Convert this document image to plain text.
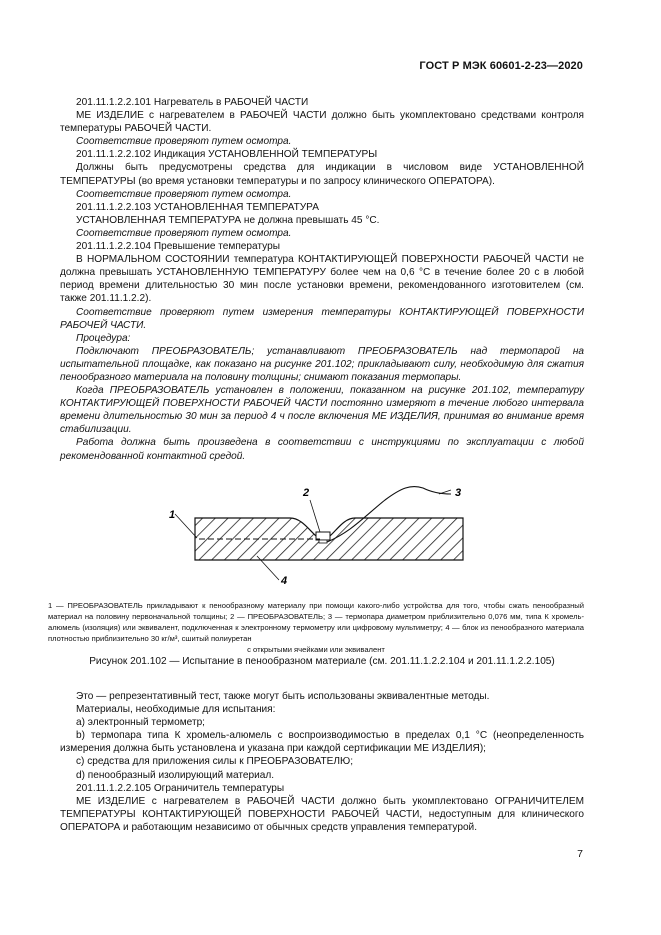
ГОСТ Р МЭК 60601-2-23—2020

201.11.1.2.2.101 Нагреватель в РАБОЧЕЙ ЧАСТИ

МЕ ИЗДЕЛИЕ с нагревателем в РАБОЧЕЙ ЧАСТИ должно быть укомплектовано средствами контроля температуры РАБОЧЕЙ ЧАСТИ.

Соответствие проверяют путем осмотра.

201.11.1.2.2.102 Индикация УСТАНОВЛЕННОЙ ТЕМПЕРАТУРЫ

Должны быть предусмотрены средства для индикации в числовом виде УСТАНОВЛЕННОЙ ТЕМПЕРАТУРЫ (во время установки температуры и по запросу клинического ОПЕРАТОРА).

Соответствие проверяют путем осмотра.

201.11.1.2.2.103 УСТАНОВЛЕННАЯ ТЕМПЕРАТУРА

УСТАНОВЛЕННАЯ ТЕМПЕРАТУРА не должна превышать 45 °С.

Соответствие проверяют путем осмотра.

201.11.1.2.2.104 Превышение температуры

В НОРМАЛЬНОМ СОСТОЯНИИ температура КОНТАКТИРУЮЩЕЙ ПОВЕРХНОСТИ РАБОЧЕЙ ЧАСТИ не должна превышать УСТАНОВЛЕННУЮ ТЕМПЕРАТУРУ более чем на 0,6 °С в течение более 20 с в любой период времени длительностью 30 мин после установки времени, рекомендованного изготовителем (см. также 201.11.1.2.2).

Соответствие проверяют путем измерения температуры КОНТАКТИРУЮЩЕЙ ПОВЕРХНОСТИ РАБОЧЕЙ ЧАСТИ.

Процедура:

Подключают ПРЕОБРАЗОВАТЕЛЬ; устанавливают ПРЕОБРАЗОВАТЕЛЬ над термопарой на испытательной площадке, как показано на рисунке 201.102; прикладывают силу, необходимую для сжатия пенообразного материала на половину толщины; снимают показания термопары.

Когда ПРЕОБРАЗОВАТЕЛЬ установлен в положении, показанном на рисунке 201.102, температуру КОНТАКТИРУЮЩЕЙ ПОВЕРХНОСТИ РАБОЧЕЙ ЧАСТИ постоянно измеряют в течение любого интервала времени длительностью 30 мин за период 4 ч после включения МЕ ИЗДЕЛИЯ, принимая во внимание время стабилизации.

Работа должна быть произведена в соответствии с инструкциями по эксплуатации с любой рекомендованной контактной средой.

1
2	3
4
1 — ПРЕОБРАЗОВАТЕЛЬ прикладывают к пенообразному материалу при помощи какого-либо устройства для того, чтобы сжать пенообразный материал на половину первоначальной толщины; 2 — ПРЕОБРАЗОВАТЕЛЬ; 3 — термопара диаметром приблизительно 0,076 мм, типа К хромель-алюмель (изоляция) или эквивалент, подключенная к электронному термометру или цифровому мультиметру; 4 — блок из пенообразного материала плотностью приблизительно 30 кг/м³, сшитый полиуретан
с открытыми ячейками или эквивалент
Рисунок 201.102 — Испытание в пенообразном материале (см. 201.11.1.2.2.104 и 201.11.1.2.2.105)

Это — репрезентативный тест, также могут быть использованы эквивалентные методы.

Материалы, необходимые для испытания:

а) электронный термометр;

b) термопара типа К хромель-алюмель с воспроизводимостью в пределах 0,1 °С (неопределенность измерения должна быть установлена и указана при каждой сертификации МЕ ИЗДЕЛИЯ);

с) средства для приложения силы к ПРЕОБРАЗОВАТЕЛЮ;

d) пенообразный изолирующий материал.

201.11.1.2.2.105 Ограничитель температуры

МЕ ИЗДЕЛИЕ с нагревателем в РАБОЧЕЙ ЧАСТИ должно быть укомплектовано ОГРАНИЧИТЕЛЕМ ТЕМПЕРАТУРЫ КОНТАКТИРУЮЩЕЙ ПОВЕРХНОСТИ РАБОЧЕЙ ЧАСТИ, недоступным для клинического ОПЕРАТОРА и работающим независимо от обычных средств управления температурой.

7
